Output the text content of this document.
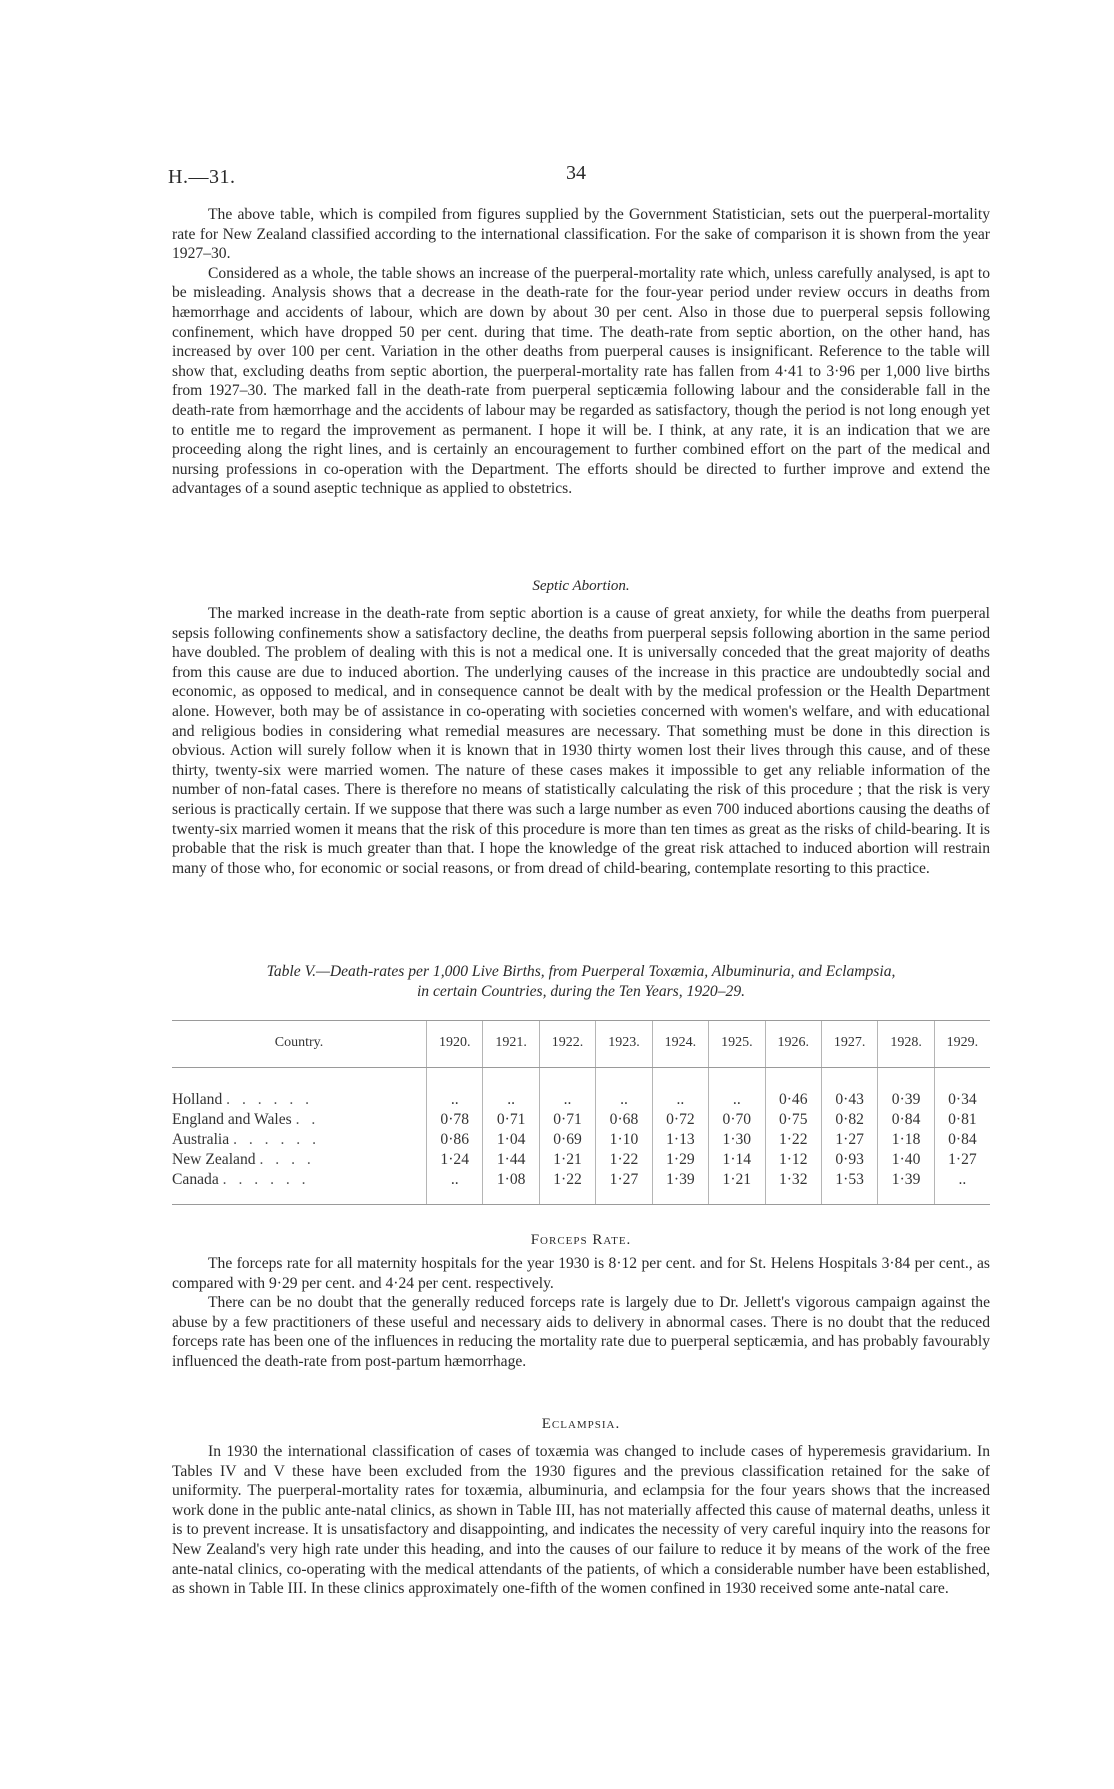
H.—31.	34

The above table, which is compiled from figures supplied by the Government Statistician, sets out the puerperal-mortality rate for New Zealand classified according to the international classification. For the sake of comparison it is shown from the year 1927–30.

Considered as a whole, the table shows an increase of the puerperal-mortality rate which, unless carefully analysed, is apt to be misleading. Analysis shows that a decrease in the death-rate for the four-year period under review occurs in deaths from hæmorrhage and accidents of labour, which are down by about 30 per cent. Also in those due to puerperal sepsis following confinement, which have dropped 50 per cent. during that time. The death-rate from septic abortion, on the other hand, has increased by over 100 per cent. Variation in the other deaths from puerperal causes is insignificant. Reference to the table will show that, excluding deaths from septic abortion, the puerperal-mortality rate has fallen from 4·41 to 3·96 per 1,000 live births from 1927–30. The marked fall in the death-rate from puerperal septicæmia following labour and the considerable fall in the death-rate from hæmorrhage and the accidents of labour may be regarded as satisfactory, though the period is not long enough yet to entitle me to regard the improvement as permanent. I hope it will be. I think, at any rate, it is an indication that we are proceeding along the right lines, and is certainly an encouragement to further combined effort on the part of the medical and nursing professions in co-operation with the Department. The efforts should be directed to further improve and extend the advantages of a sound aseptic technique as applied to obstetrics.

Septic Abortion.

The marked increase in the death-rate from septic abortion is a cause of great anxiety, for while the deaths from puerperal sepsis following confinements show a satisfactory decline, the deaths from puerperal sepsis following abortion in the same period have doubled. The problem of dealing with this is not a medical one. It is universally conceded that the great majority of deaths from this cause are due to induced abortion. The underlying causes of the increase in this practice are undoubtedly social and economic, as opposed to medical, and in consequence cannot be dealt with by the medical profession or the Health Department alone. However, both may be of assistance in co-operating with societies concerned with women's welfare, and with educational and religious bodies in considering what remedial measures are necessary. That something must be done in this direction is obvious. Action will surely follow when it is known that in 1930 thirty women lost their lives through this cause, and of these thirty, twenty-six were married women. The nature of these cases makes it impossible to get any reliable information of the number of non-fatal cases. There is therefore no means of statistically calculating the risk of this procedure ; that the risk is very serious is practically certain. If we suppose that there was such a large number as even 700 induced abortions causing the deaths of twenty-six married women it means that the risk of this procedure is more than ten times as great as the risks of child-bearing. It is probable that the risk is much greater than that. I hope the knowledge of the great risk attached to induced abortion will restrain many of those who, for economic or social reasons, or from dread of child-bearing, contemplate resorting to this practice.

Table V.—Death-rates per 1,000 Live Births, from Puerperal Toxæmia, Albuminuria, and Eclampsia,
in certain Countries, during the Ten Years, 1920–29.
Country.	1920.	1921.	1922.	1923.	1924.	1925.	1926.	1927.	1928.	1929.

Holland . . . . . .	..	..	..	..	..	..	0·46	0·43	0·39	0·34
England and Wales . .	0·78	0·71	0·71	0·68	0·72	0·70	0·75	0·82	0·84	0·81
Australia . . . . . .	0·86	1·04	0·69	1·10	1·13	1·30	1·22	1·27	1·18	0·84
New Zealand . . . .	1·24	1·44	1·21	1·22	1·29	1·14	1·12	0·93	1·40	1·27
Canada . . . . . .	..	1·08	1·22	1·27	1·39	1·21	1·32	1·53	1·39	..
Forceps Rate.

The forceps rate for all maternity hospitals for the year 1930 is 8·12 per cent. and for St. Helens Hospitals 3·84 per cent., as compared with 9·29 per cent. and 4·24 per cent. respectively.

There can be no doubt that the generally reduced forceps rate is largely due to Dr. Jellett's vigorous campaign against the abuse by a few practitioners of these useful and necessary aids to delivery in abnormal cases. There is no doubt that the reduced forceps rate has been one of the influences in reducing the mortality rate due to puerperal septicæmia, and has probably favourably influenced the death-rate from post-partum hæmorrhage.

Eclampsia.

In 1930 the international classification of cases of toxæmia was changed to include cases of hyperemesis gravidarium. In Tables IV and V these have been excluded from the 1930 figures and the previous classification retained for the sake of uniformity. The puerperal-mortality rates for toxæmia, albuminuria, and eclampsia for the four years shows that the increased work done in the public ante-natal clinics, as shown in Table III, has not materially affected this cause of maternal deaths, unless it is to prevent increase. It is unsatisfactory and disappointing, and indicates the necessity of very careful inquiry into the reasons for New Zealand's very high rate under this heading, and into the causes of our failure to reduce it by means of the work of the free ante-natal clinics, co-operating with the medical attendants of the patients, of which a considerable number have been established, as shown in Table III. In these clinics approximately one-fifth of the women confined in 1930 received some ante-natal care.
